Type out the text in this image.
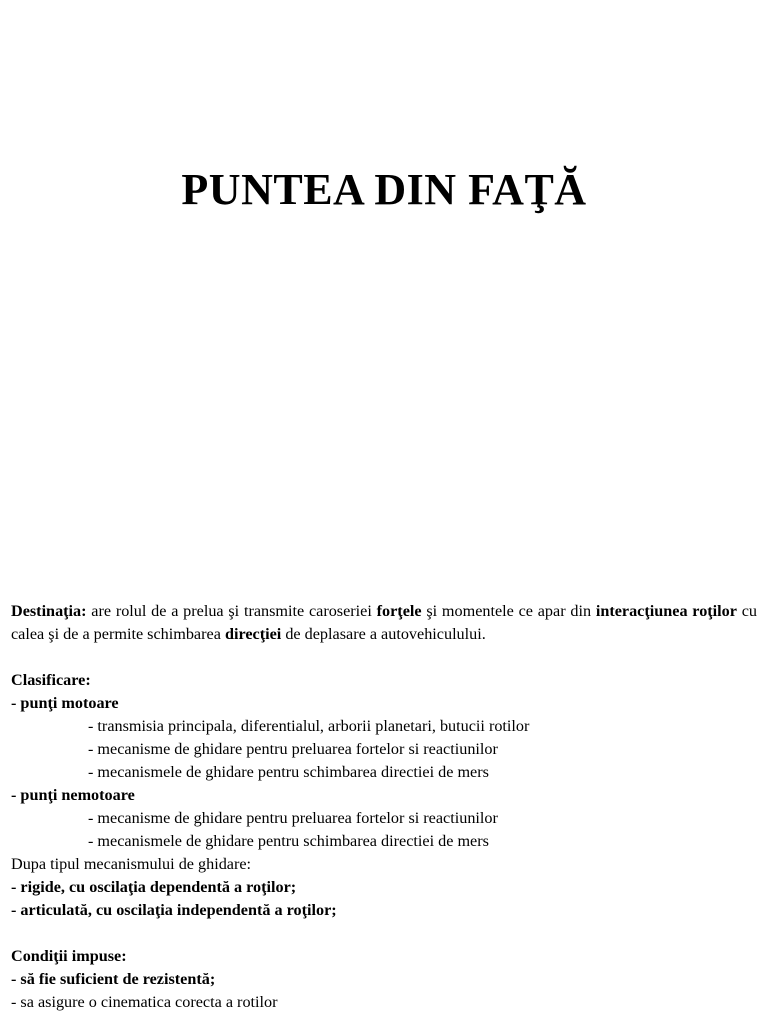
PUNTEA DIN FAŢĂ

Destinaţia: are rolul de a prelua şi transmite caroseriei forţele şi momentele ce apar din interacţiunea roţilor cu calea şi de a permite schimbarea direcţiei de deplasare a autovehiculului.

Clasificare:

- punţi motoare

- transmisia principala, diferentialul, arborii planetari, butucii rotilor

- mecanisme de ghidare pentru preluarea fortelor si reactiunilor

- mecanismele de ghidare pentru schimbarea directiei de mers

- punţi nemotoare

- mecanisme de ghidare pentru preluarea fortelor si reactiunilor

- mecanismele de ghidare pentru schimbarea directiei de mers

Dupa tipul mecanismului de ghidare:

- rigide, cu oscilaţia dependentă a roţilor;

- articulată, cu oscilaţia independentă a roţilor;

Condiţii impuse:

- să fie suficient de rezistentă;

- sa asigure o cinematica corecta a rotilor
